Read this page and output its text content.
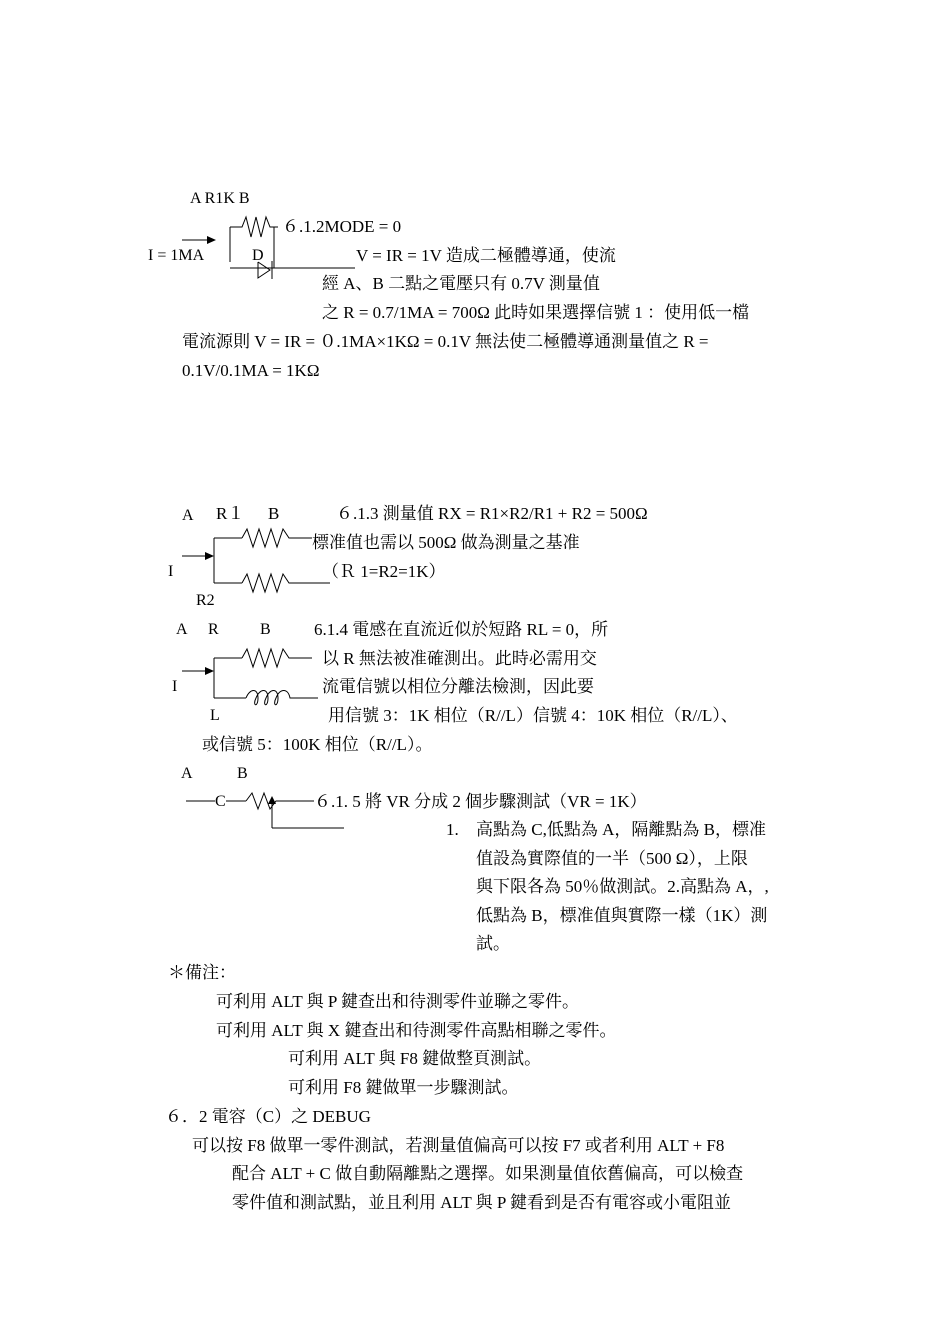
A R1K B
６.1.2MODE = 0
I = 1MA	D	V = IR = 1V 造成二極體導通，使流
經 A、B 二點之電壓只有 0.7V 測量值
之 R = 0.7/1MA = 700Ω 此時如果選擇信號 1 ：使用低一檔
電流源則 V = IR = ０.1MA×1KΩ = 0.1V 無法使二極體導通測量值之 R =
0.1V/0.1MA = 1KΩ
A R１ B	６.1.3 測量值 RX = R1×R2/R1 + R2 = 500Ω
標准值也需以 500Ω 做為測量之基准
（Ｒ 1=R2=1K）
I
R2
A R	B	6.1.4 電感在直流近似於短路 RL = 0，所
以 R 無法被准確測出。此時必需用交
I	流電信號以相位分離法檢測，因此要
L	用信號 3：1K 相位（R//L）信號 4：10K 相位（R//L）、
或信號 5：100K 相位（R//L）。
A	B
C	６.1. 5 將 VR 分成 2 個步驟測試（VR = 1K）
1. 高點為 C,低點為 A，隔離點為 B，標准
值設為實際值的一半（500 Ω），上限
與下限各為 50％做測試。2.高點為 A，,
低點為 B，標准值與實際一樣（1K）測
試。
＊備注：
可利用 ALT 與 P 鍵查出和待測零件並聯之零件。
可利用 ALT 與 X 鍵查出和待測零件高點相聯之零件。
可利用 ALT 與 F8 鍵做整頁測試。
可利用 F8 鍵做單一步驟測試。
６．2 電容（C）之 DEBUG
可以按 F8 做單一零件測試，若測量值偏高可以按 F7 或者利用 ALT + F8
配合 ALT + C 做自動隔離點之選擇。如果測量值依舊偏高，可以檢查
零件值和測試點，並且利用 ALT 與 P 鍵看到是否有電容或小電阻並
